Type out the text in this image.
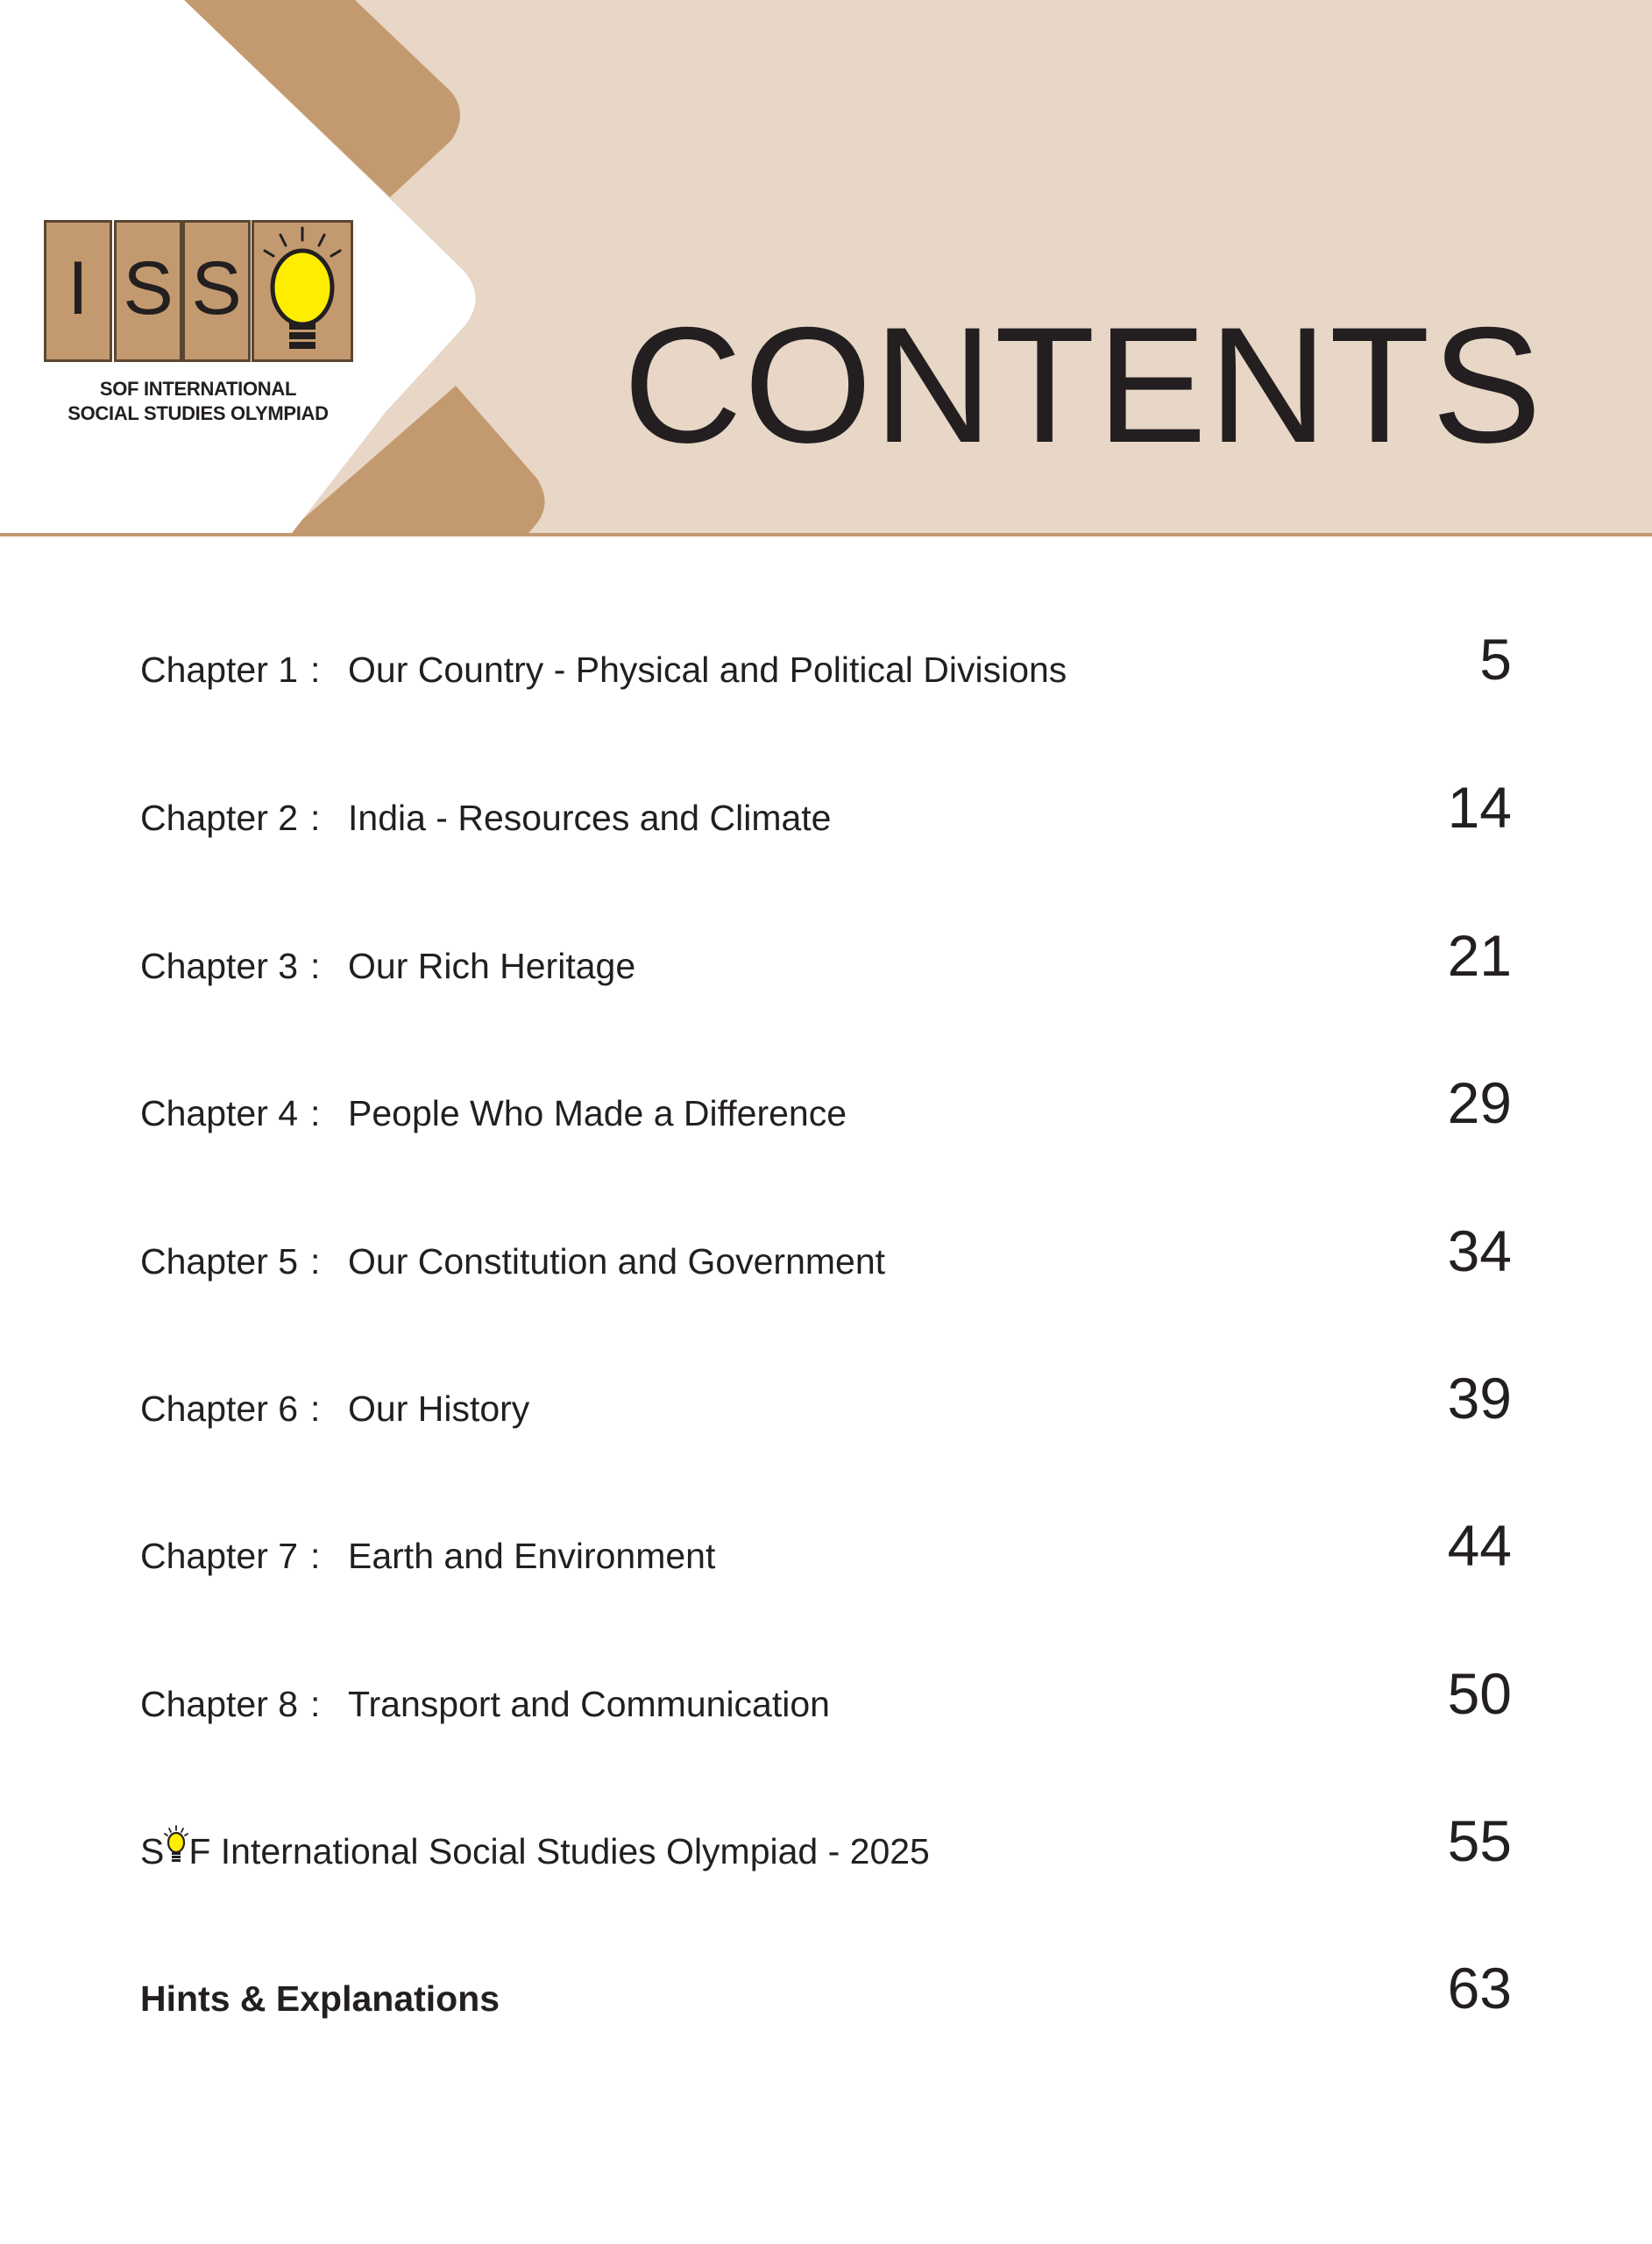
CONTENTS
I S S
SOF INTERNATIONAL
SOCIAL STUDIES OLYMPIAD
Chapter 1 : Our Country - Physical and Political Divisions	5
Chapter 2 : India - Resources and Climate	14
Chapter 3 : Our Rich Heritage	21
Chapter 4 : People Who Made a Difference	29
Chapter 5 : Our Constitution and Government	34
Chapter 6 : Our History	39
Chapter 7 : Earth and Environment	44
Chapter 8 : Transport and Communication	50
S F International Social Studies Olympiad - 2025	55
Hints & Explanations	63
